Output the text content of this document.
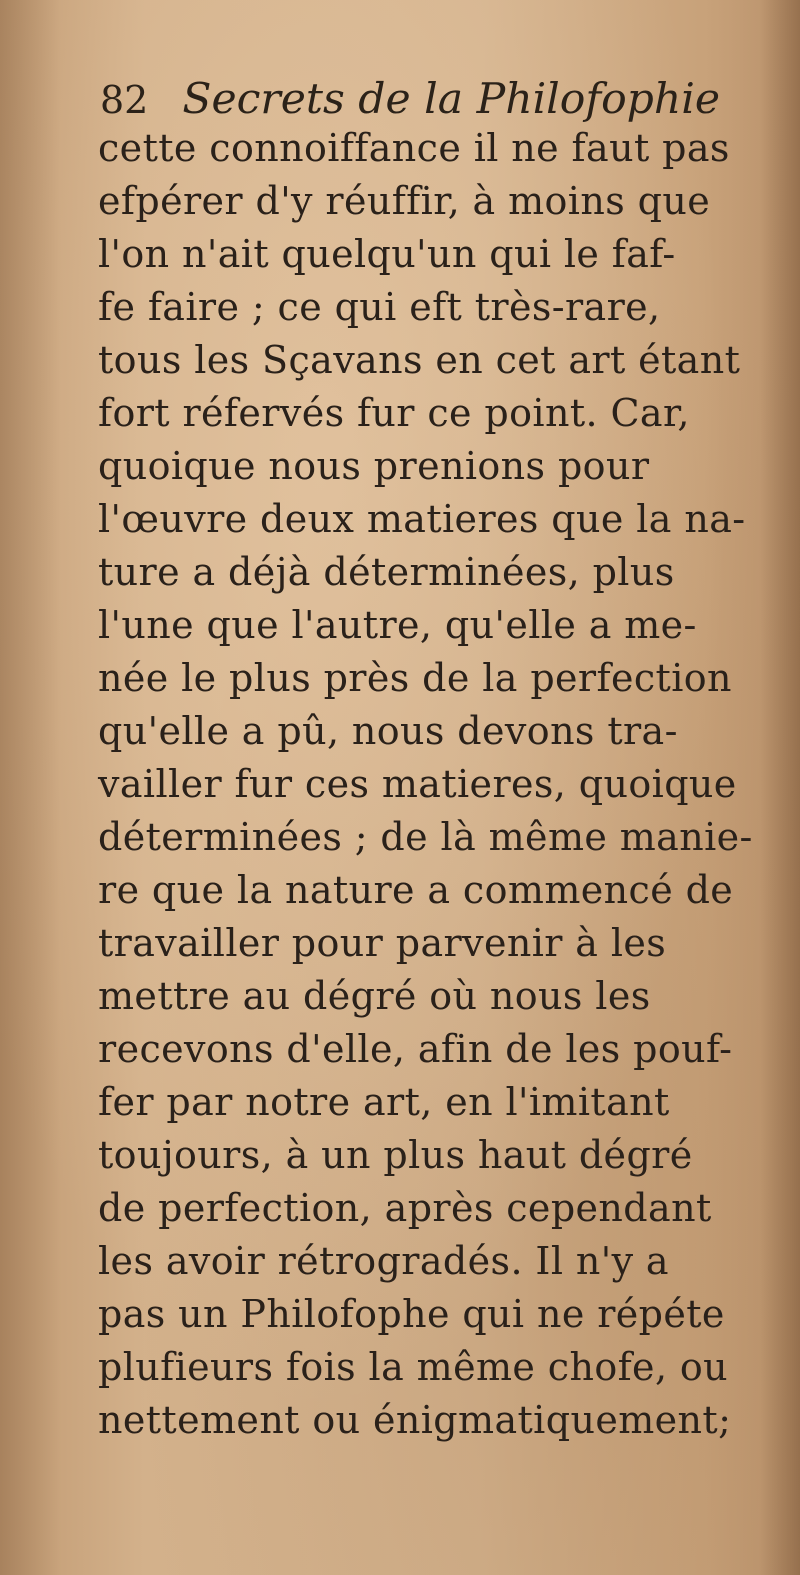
82 Secrets de la Philofophie
cette connoiffance il ne faut pas
efpérer d'y réuffir, à moins que
l'on n'ait quelqu'un qui le faf-
fe faire ; ce qui eft très-rare,
tous les Sçavans en cet art étant
fort réfervés fur ce point. Car,
quoique nous prenions pour
l'œuvre deux matieres que la na-
ture a déjà déterminées, plus
l'une que l'autre, qu'elle a me-
née le plus près de la perfection
qu'elle a pû, nous devons tra-
vailler fur ces matieres, quoique
déterminées ; de là même manie-
re que la nature a commencé de
travailler pour parvenir à les
mettre au dégré où nous les
recevons d'elle, afin de les pouf-
fer par notre art, en l'imitant
toujours, à un plus haut dégré
de perfection, après cependant
les avoir rétrogradés. Il n'y a
pas un Philofophe qui ne répéte
plufieurs fois la même chofe, ou
nettement ou énigmatiquement;
